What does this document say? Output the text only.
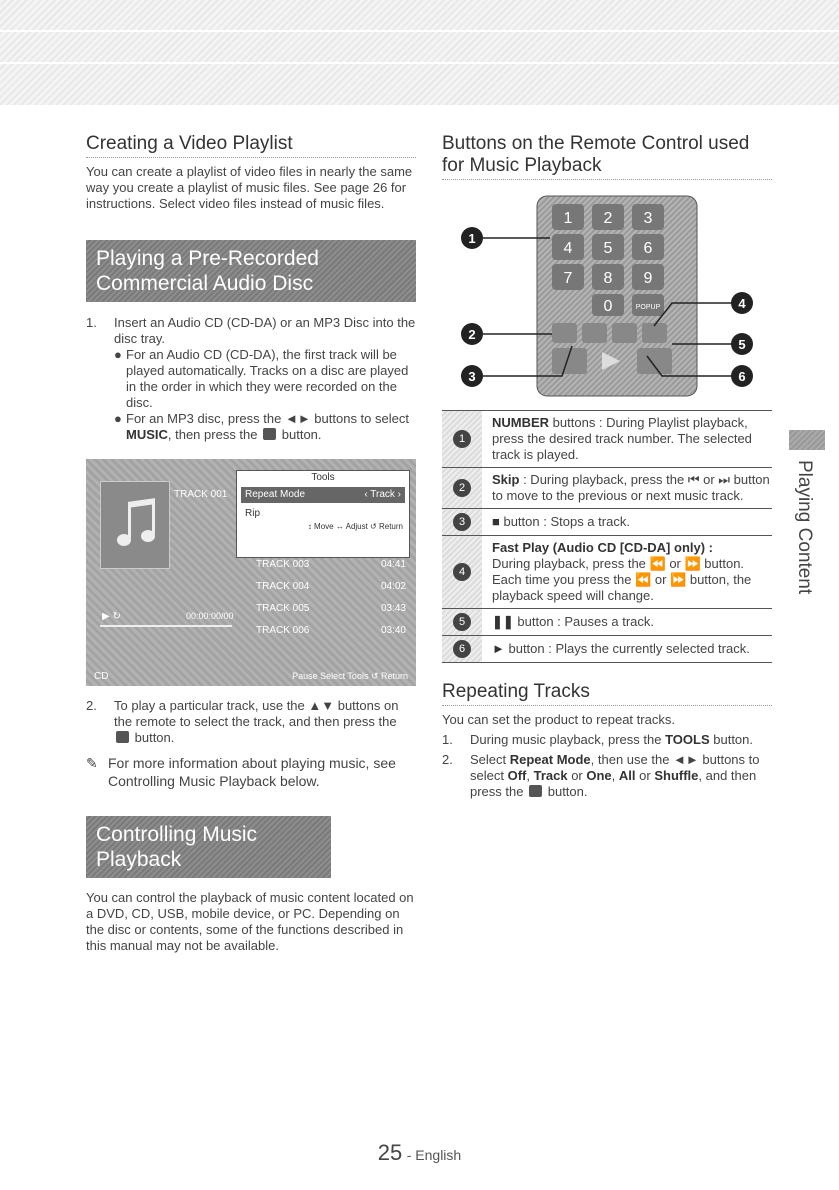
Creating a Video Playlist

You can create a playlist of video files in nearly the same way you create a playlist of music files. See page 26 for instructions. Select video files instead of music files.

Playing a Pre-Recorded Commercial Audio Disc
1.	Insert an Audio CD (CD-DA) or an MP3 Disc into the disc tray.
● For an Audio CD (CD-DA), the first track will be played automatically. Tracks on a disc are played in the order in which they were recorded on the disc.
● For an MP3 disc, press the ◄► buttons to select MUSIC, then press the button.
TRACK 001
Tools
Repeat Mode	‹ Track ›
Rip
↕ Move ↔ Adjust ↺ Return
TRACK 003	04:41
TRACK 004	04:02
TRACK 005	03:43
TRACK 006	03:40
▶ ↻	00:00:00/00
CD	Pause Select Tools ↺ Return
2.	To play a particular track, use the ▲▼ buttons on the remote to select the track, and then press the  button.
✎ For more information about playing music, see Controlling Music Playback below.
Controlling Music Playback

You can control the playback of music content located on a DVD, CD, USB, mobile device, or PC. Depending on the disc or contents, some of the functions described in this manual may not be available.

Buttons on the Remote Control used for Music Playback
1 2 3
4 5 6
7 8 9
0	POPUP
1
2
3
4
5
6
1	NUMBER buttons : During Playlist playback, press the desired track number. The selected track is played.
2	Skip : During playback, press the ⏮ or ⏭ button to move to the previous or next music track.
3	■ button : Stops a track.
4	Fast Play (Audio CD [CD-DA] only) :
During playback, press the ⏪ or ⏩ button. Each time you press the ⏪ or ⏩ button, the playback speed will change.
5	❚❚ button : Pauses a track.
6	► button : Plays the currently selected track.
Repeating Tracks

You can set the product to repeat tracks.

1.	During music playback, press the TOOLS button.
2.	Select Repeat Mode, then use the ◄► buttons to select Off, Track or One, All or Shuffle, and then press the button.
Playing Content
25 - English
